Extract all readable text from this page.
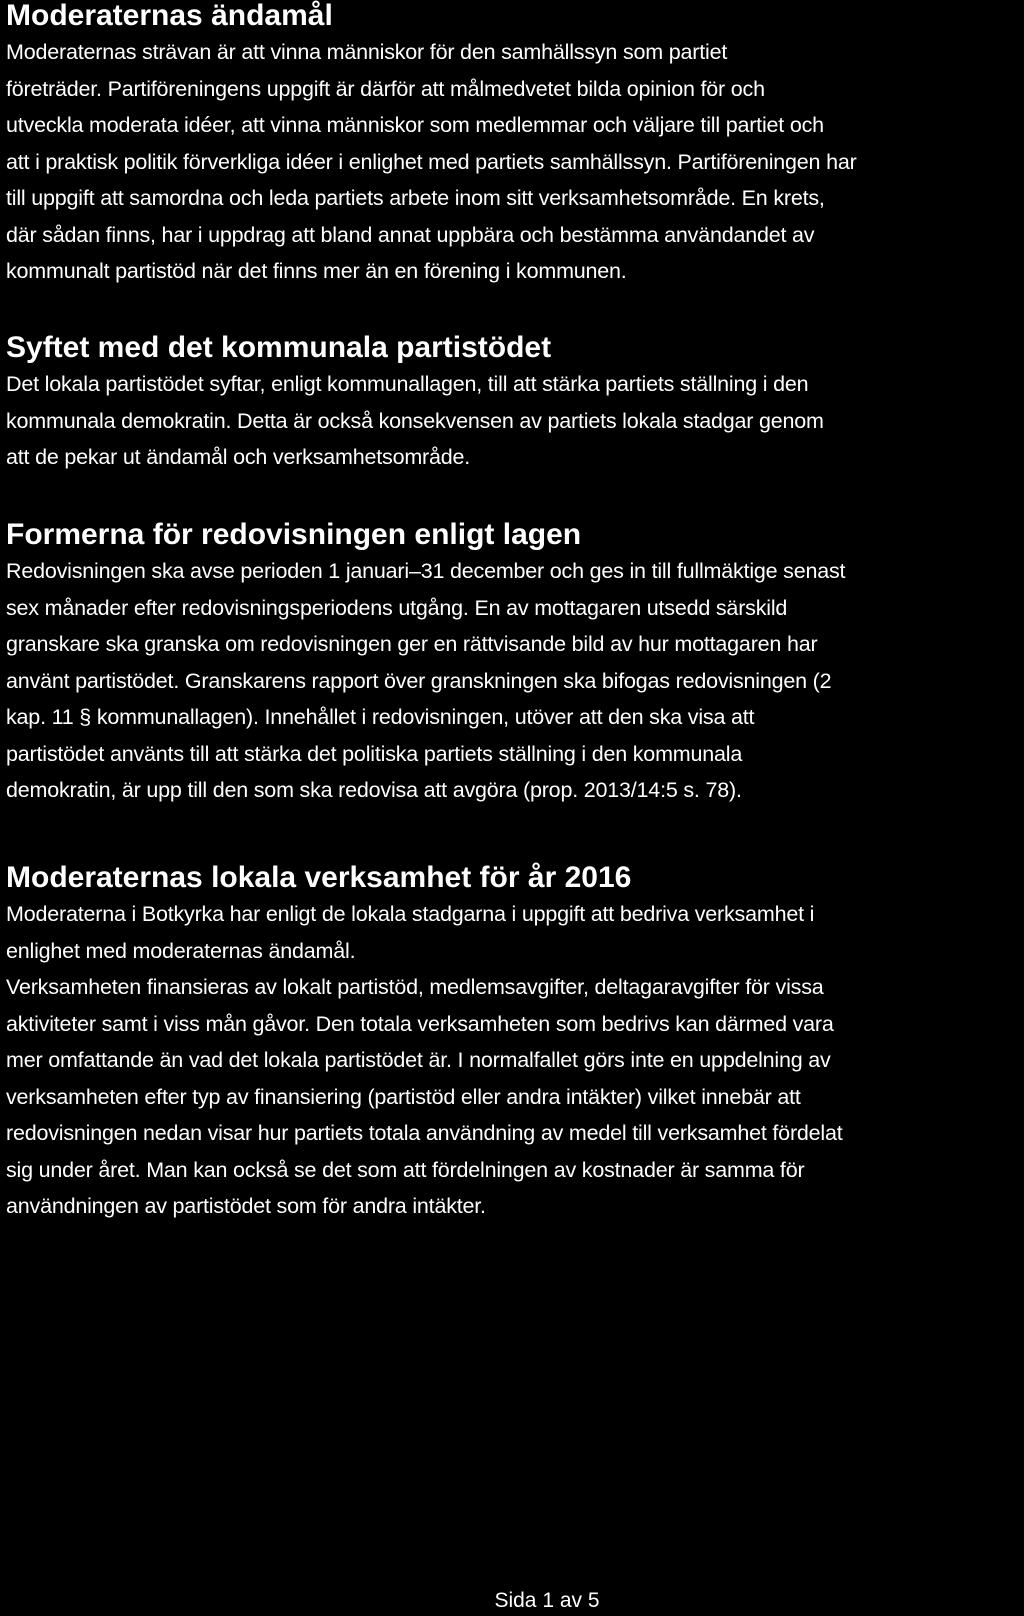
Moderaternas ändamål

Moderaternas strävan är att vinna människor för den samhällssyn som partiet

företräder. Partiföreningens uppgift är därför att målmedvetet bilda opinion för och

utveckla moderata idéer, att vinna människor som medlemmar och väljare till partiet och

att i praktisk politik förverkliga idéer i enlighet med partiets samhällssyn. Partiföreningen har

till uppgift att samordna och leda partiets arbete inom sitt verksamhetsområde. En krets,

där sådan finns, har i uppdrag att bland annat uppbära och bestämma användandet av

kommunalt partistöd när det finns mer än en förening i kommunen.

Syftet med det kommunala partistödet

Det lokala partistödet syftar, enligt kommunallagen, till att stärka partiets ställning i den

kommunala demokratin. Detta är också konsekvensen av partiets lokala stadgar genom

att de pekar ut ändamål och verksamhetsområde.

Formerna för redovisningen enligt lagen

Redovisningen ska avse perioden 1 januari–31 december och ges in till fullmäktige senast

sex månader efter redovisningsperiodens utgång. En av mottagaren utsedd särskild

granskare ska granska om redovisningen ger en rättvisande bild av hur mottagaren har

använt partistödet. Granskarens rapport över granskningen ska bifogas redovisningen (2

kap. 11 § kommunallagen). Innehållet i redovisningen, utöver att den ska visa att

partistödet använts till att stärka det politiska partiets ställning i den kommunala

demokratin, är upp till den som ska redovisa att avgöra (prop. 2013/14:5 s. 78).

Moderaternas lokala verksamhet för år 2016

Moderaterna i Botkyrka har enligt de lokala stadgarna i uppgift att bedriva verksamhet i

enlighet med moderaternas ändamål.

Verksamheten finansieras av lokalt partistöd, medlemsavgifter, deltagaravgifter för vissa

aktiviteter samt i viss mån gåvor. Den totala verksamheten som bedrivs kan därmed vara

mer omfattande än vad det lokala partistödet är. I normalfallet görs inte en uppdelning av

verksamheten efter typ av finansiering (partistöd eller andra intäkter) vilket innebär att

redovisningen nedan visar hur partiets totala användning av medel till verksamhet fördelat

sig under året. Man kan också se det som att fördelningen av kostnader är samma för

användningen av partistödet som för andra intäkter.

Sida 1 av 5
